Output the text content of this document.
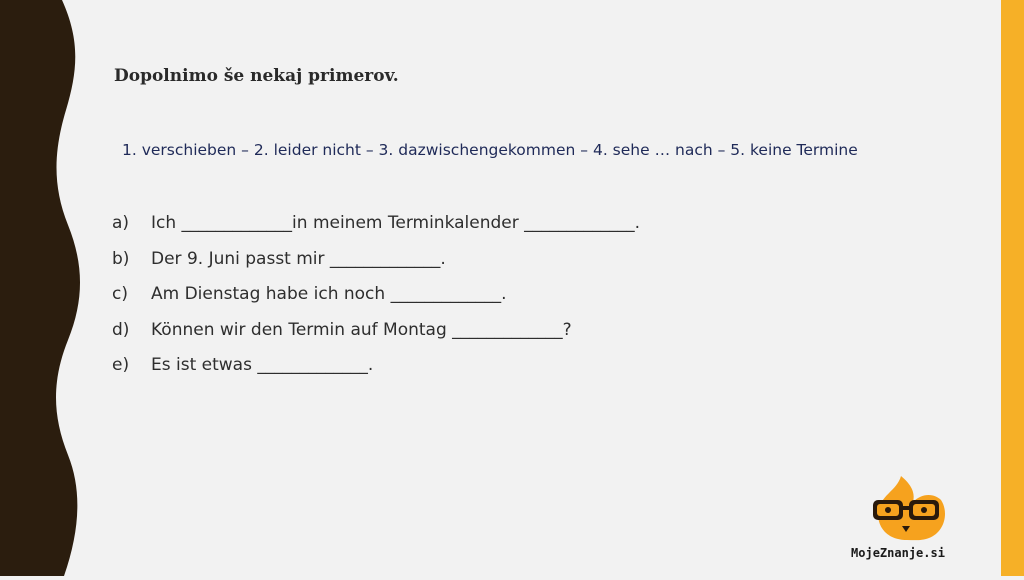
Dopolnimo še nekaj primerov.
1. verschieben – 2. leider nicht – 3. dazwischengekommen – 4. sehe … nach – 5. keine Termine
a) Ich _____________in meinem Terminkalender _____________.
b) Der 9. Juni passt mir _____________.
c) Am Dienstag habe ich noch _____________.
d) Können wir den Termin auf Montag _____________?
e) Es ist etwas _____________.
MojeZnanje.si
